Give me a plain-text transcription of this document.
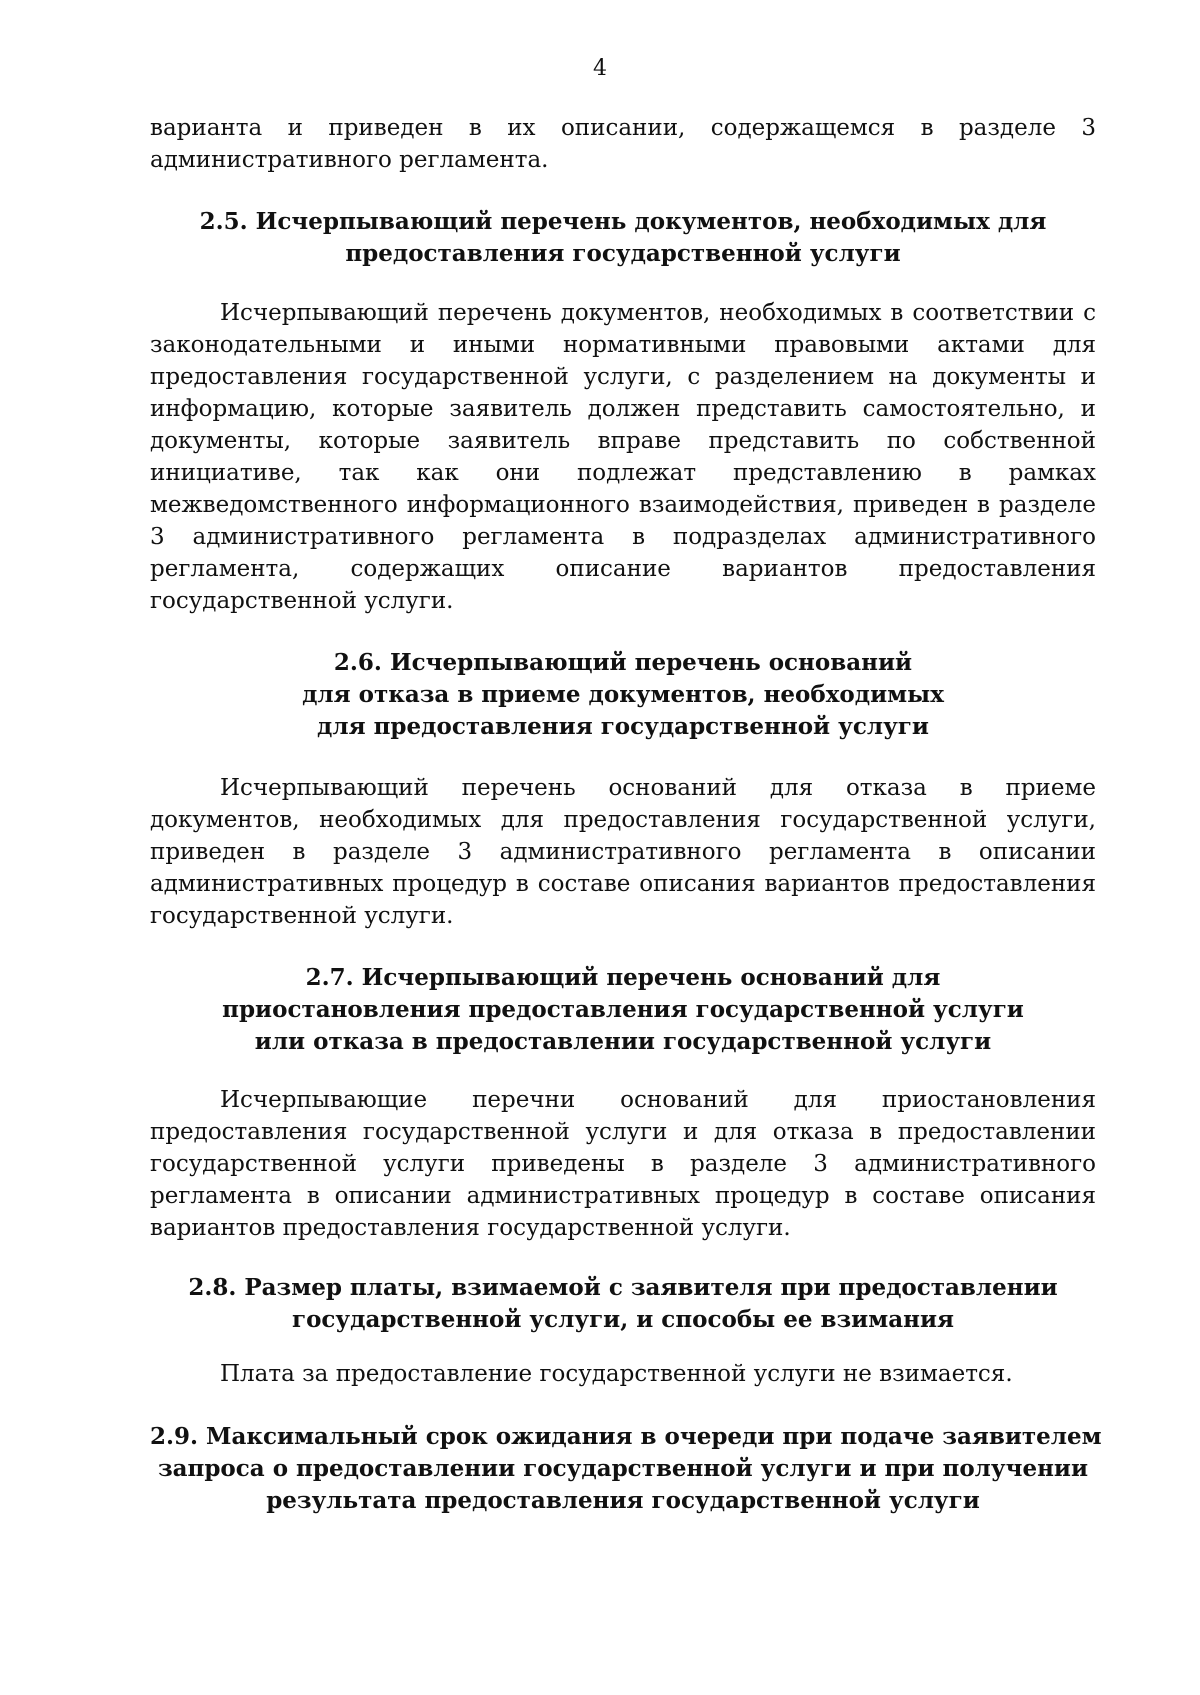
4

варианта и приведен в их описании, содержащемся в разделе 3 административного регламента.

2.5. Исчерпывающий перечень документов, необходимых для
предоставления государственной услуги

Исчерпывающий перечень документов, необходимых в соответствии с законодательными и иными нормативными правовыми актами для предоставления государственной услуги, с разделением на документы и информацию, которые заявитель должен представить самостоятельно, и документы, которые заявитель вправе представить по собственной инициативе, так как они подлежат представлению в рамках межведомственного информационного взаимодействия, приведен в разделе 3 административного регламента в подразделах административного регламента, содержащих описание вариантов предоставления государственной услуги.

2.6. Исчерпывающий перечень оснований
для отказа в приеме документов, необходимых
для предоставления государственной услуги

Исчерпывающий перечень оснований для отказа в приеме документов, необходимых для предоставления государственной услуги, приведен в разделе 3 административного регламента в описании административных процедур в составе описания вариантов предоставления государственной услуги.

2.7. Исчерпывающий перечень оснований для
приостановления предоставления государственной услуги
или отказа в предоставлении государственной услуги

Исчерпывающие перечни оснований для приостановления предоставления государственной услуги и для отказа в предоставлении государственной услуги приведены в разделе 3 административного регламента в описании административных процедур в составе описания вариантов предоставления государственной услуги.

2.8. Размер платы, взимаемой с заявителя при предоставлении
государственной услуги, и способы ее взимания

Плата за предоставление государственной услуги не взимается.

2.9. Максимальный срок ожидания в очереди при подаче заявителем
запроса о предоставлении государственной услуги и при получении
результата предоставления государственной услуги
